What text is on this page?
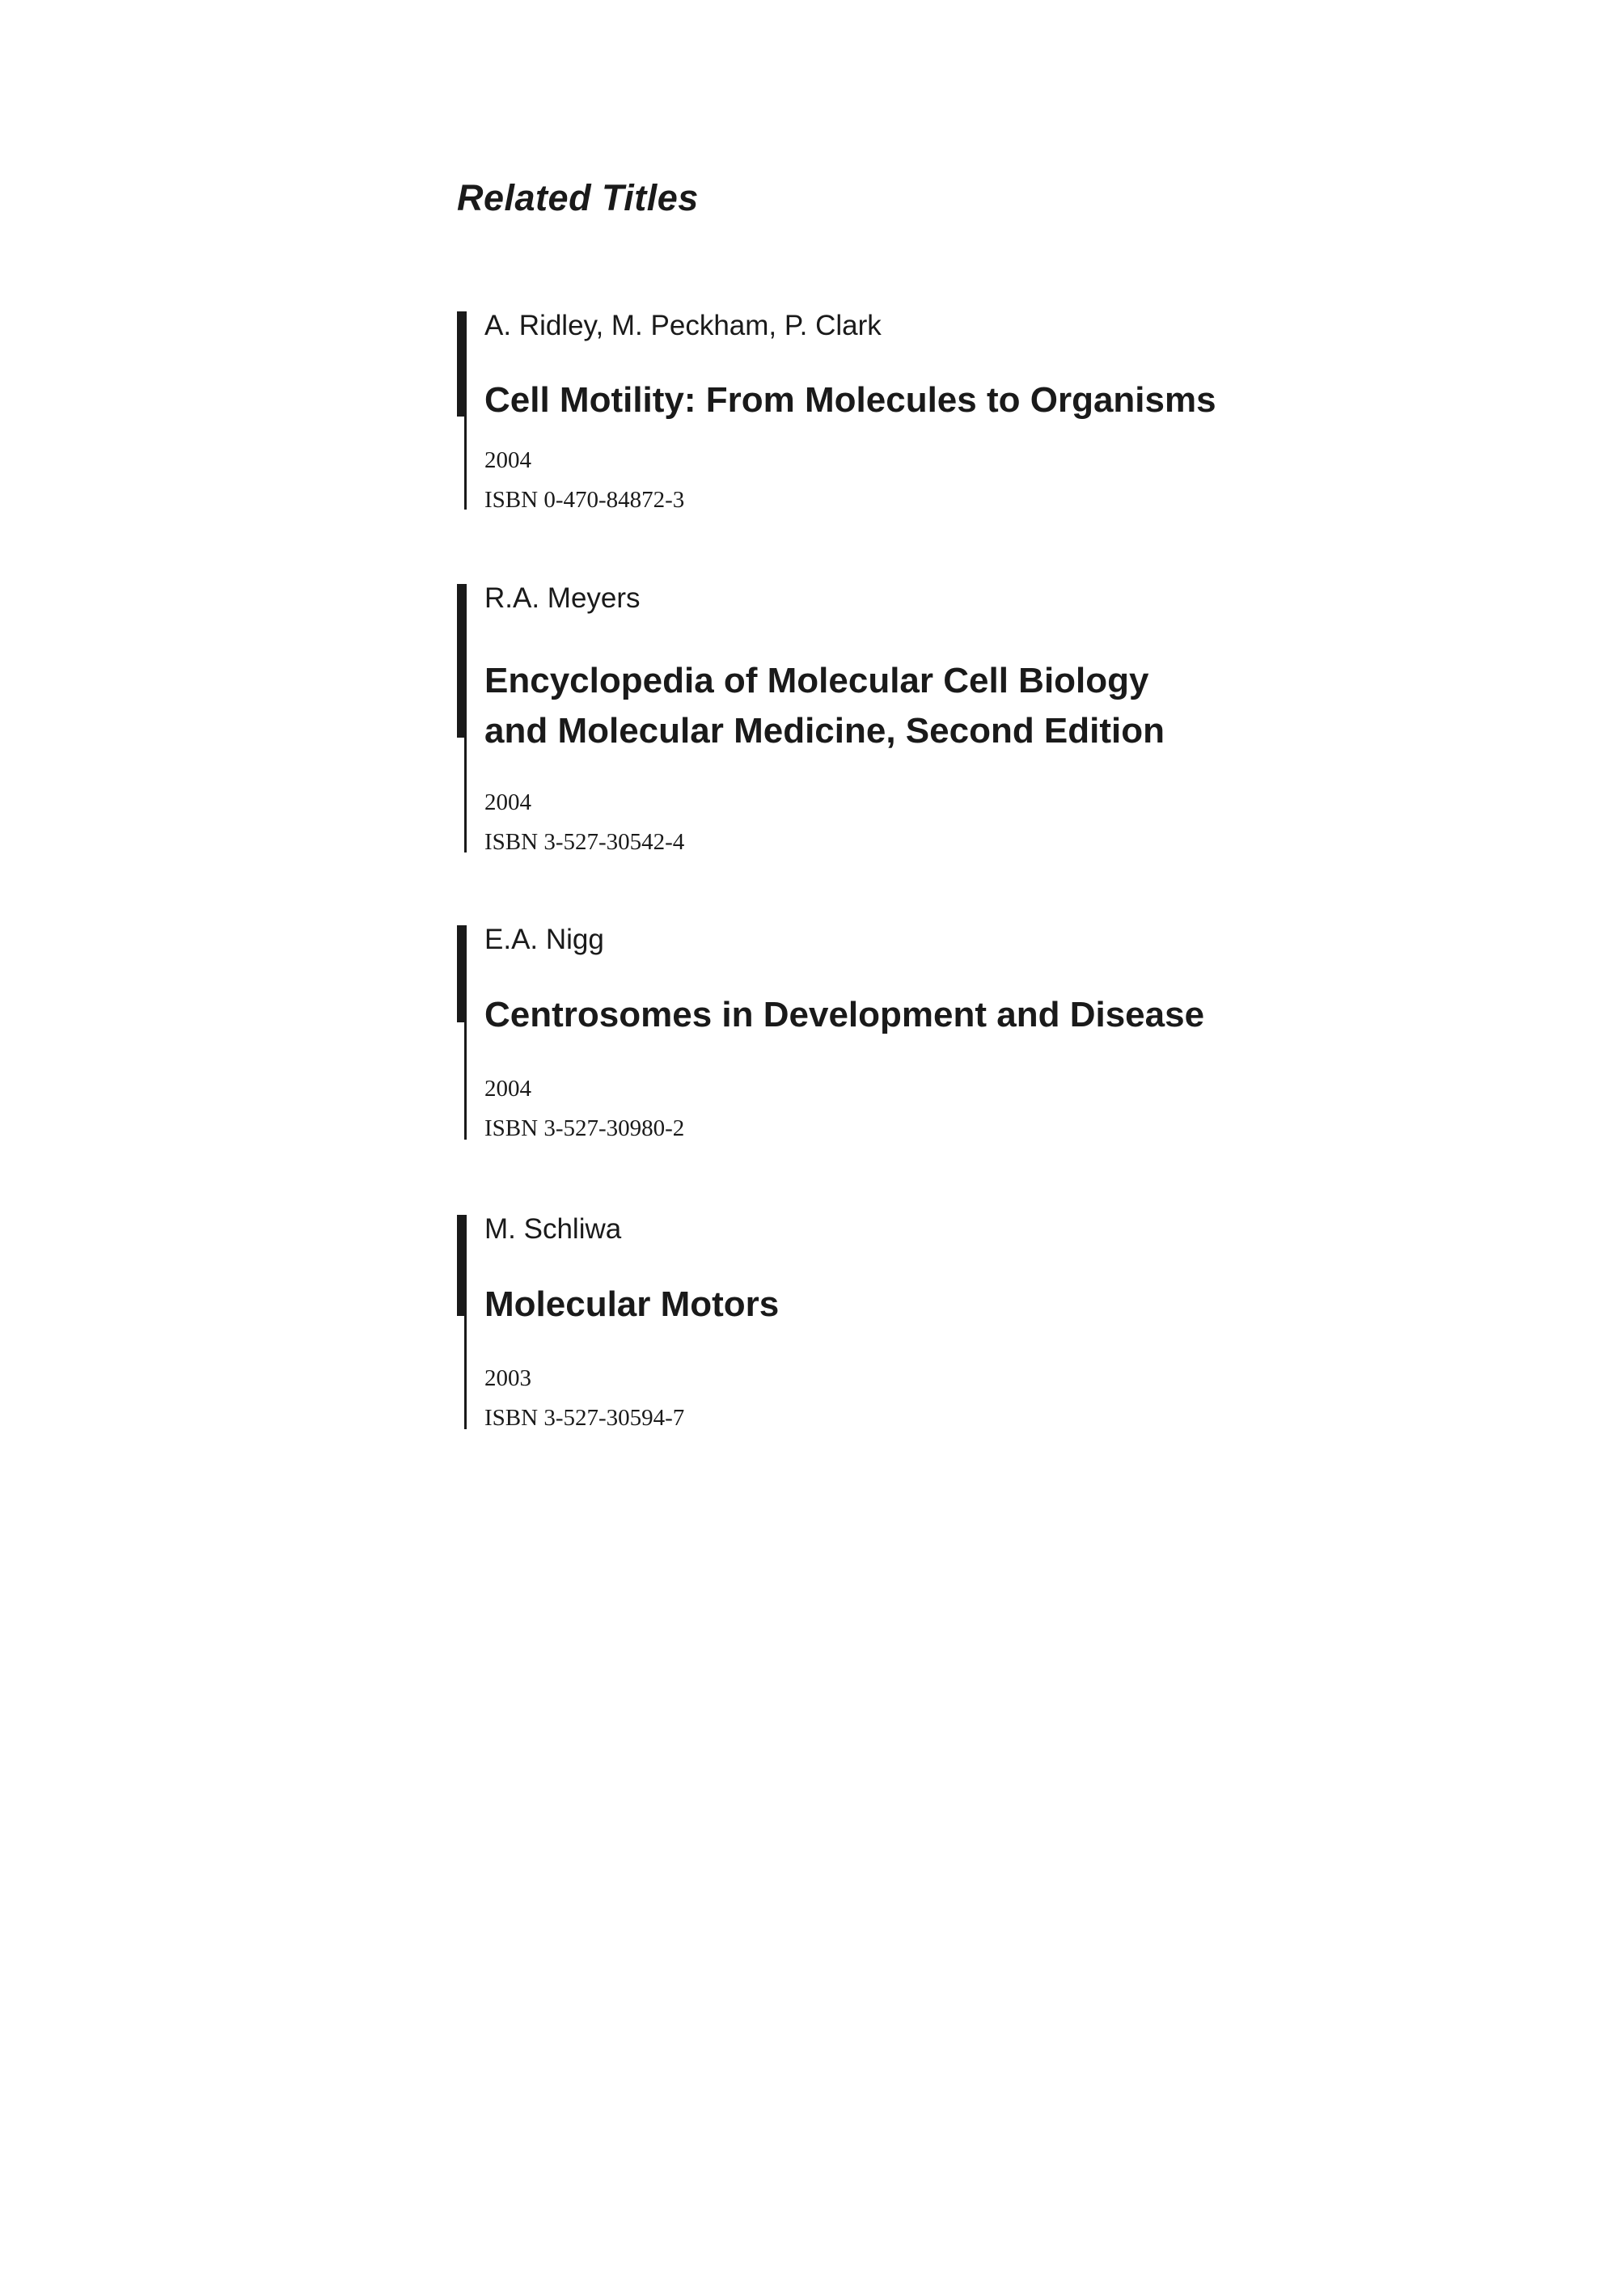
Related Titles

A. Ridley, M. Peckham, P. Clark

Cell Motility: From Molecules to Organisms

2004
ISBN 0-470-84872-3

R.A. Meyers

Encyclopedia of Molecular Cell Biology
and Molecular Medicine, Second Edition

2004
ISBN 3-527-30542-4

E.A. Nigg

Centrosomes in Development and Disease

2004
ISBN 3-527-30980-2

M. Schliwa

Molecular Motors

2003
ISBN 3-527-30594-7
